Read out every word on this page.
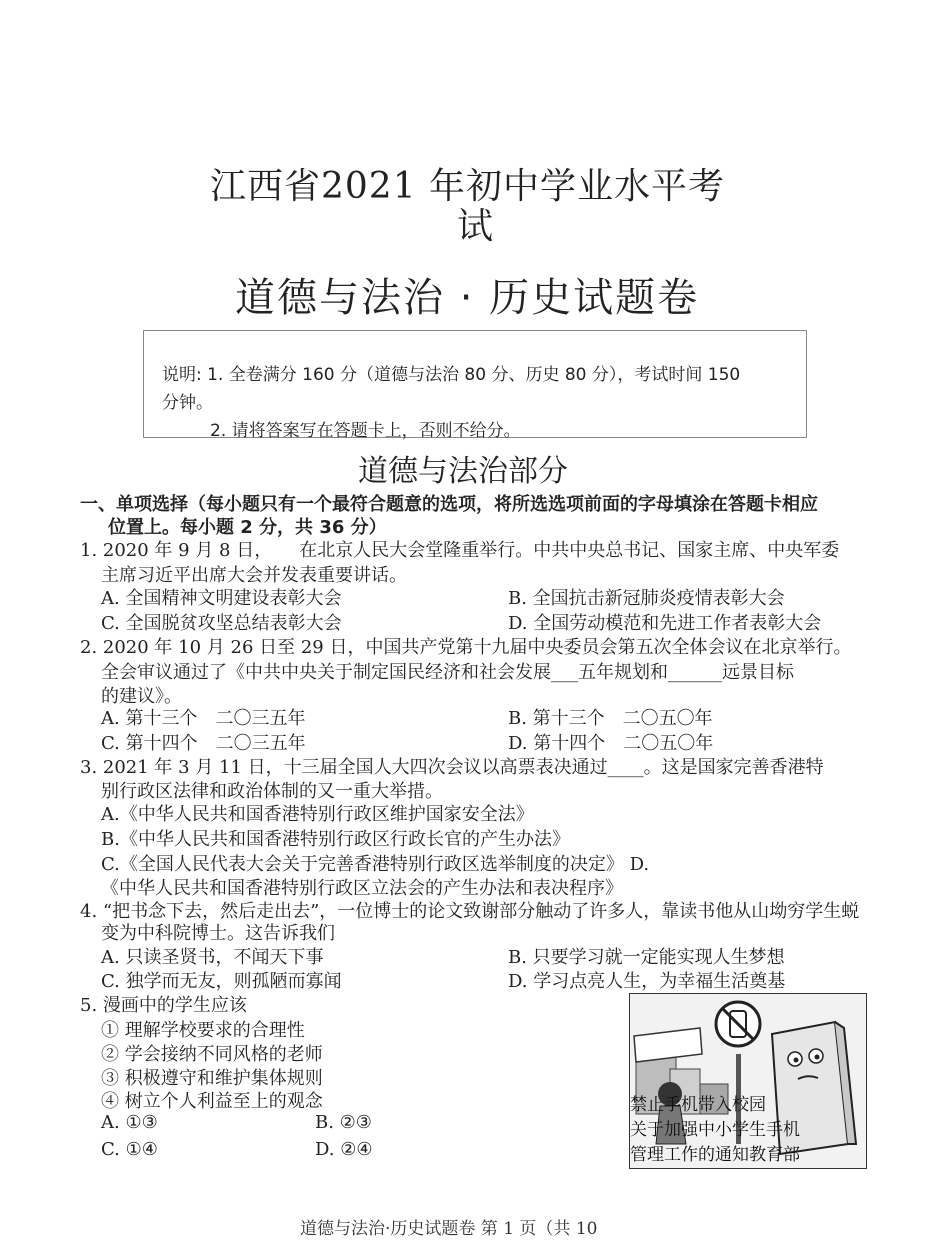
江西省2021 年初中学业水平考
试
道德与法治 · 历史试题卷
说明: 1. 全卷满分 160 分（道德与法治 80 分、历史 80 分），考试时间 150
分钟。
2. 请将答案写在答题卡上，否则不给分。
道德与法治部分
一、单项选择（每小题只有一个最符合题意的选项，将所选选项前面的字母填涂在答题卡相应
位置上。每小题 2 分，共 36 分）
1. 2020 年 9 月 8 日，　　在北京人民大会堂隆重举行。中共中央总书记、国家主席、中央军委
主席习近平出席大会并发表重要讲话。
A. 全国精神文明建设表彰大会	B. 全国抗击新冠肺炎疫情表彰大会
C. 全国脱贫攻坚总结表彰大会	D. 全国劳动模范和先进工作者表彰大会
2. 2020 年 10 月 26 日至 29 日，中国共产党第十九届中央委员会第五次全体会议在北京举行。
全会审议通过了《中共中央关于制定国民经济和社会发展___五年规划和______远景目标
的建议》。
A. 第十三个　二〇三五年	B. 第十三个　二〇五〇年
C. 第十四个　二〇三五年	D. 第十四个　二〇五〇年
3. 2021 年 3 月 11 日，十三届全国人大四次会议以高票表决通过____。这是国家完善香港特
别行政区法律和政治体制的又一重大举措。
A.《中华人民共和国香港特别行政区维护国家安全法》
B.《中华人民共和国香港特别行政区行政长官的产生办法》
C.《全国人民代表大会关于完善香港特别行政区选举制度的决定》 D.
《中华人民共和国香港特别行政区立法会的产生办法和表决程序》
4. “把书念下去，然后走出去”，一位博士的论文致谢部分触动了许多人，靠读书他从山坳穷学生蜕
变为中科院博士。这告诉我们
A. 只读圣贤书，不闻天下事	B. 只要学习就一定能实现人生梦想
C. 独学而无友，则孤陋而寡闻	D. 学习点亮人生，为幸福生活奠基
5. 漫画中的学生应该
① 理解学校要求的合理性
② 学会接纳不同风格的老师
③ 积极遵守和维护集体规则
④ 树立个人利益至上的观念
A. ①③	B. ②③
C. ①④	D. ②④
禁止手机带入校园
关于加强中小学生手机
管理工作的通知教育部
道德与法治·历史试题卷 第 1 页（共 10
